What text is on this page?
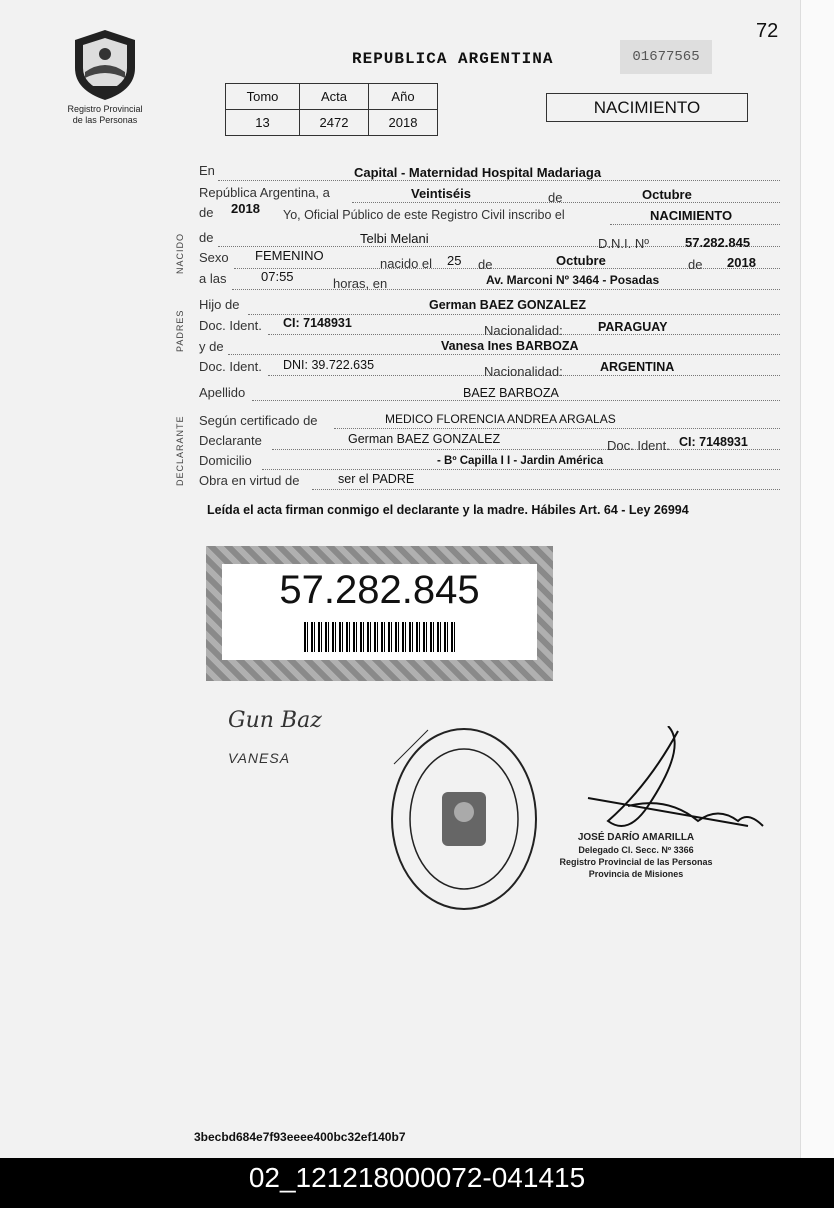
72
Registro Provincial
de las Personas
REPUBLICA ARGENTINA	01677565
Tomo	Acta	Año
13	2472	2018
NACIMIENTO
NACIDO
PADRES
DECLARANTE
En	Capital - Maternidad Hospital Madariaga
República Argentina, a	Veintiséis	de	Octubre
de 2018 Yo, Oficial Público de este Registro Civil inscribo el	NACIMIENTO
de	Telbi Melani	D.N.I. Nº	57.282.845
Sexo FEMENINO
nacido el 25 de	Octubre	de 2018
a las	07:55	horas, en	Av. Marconi Nº 3464 - Posadas
Hijo de	German BAEZ GONZALEZ
Doc. Ident. CI: 7148931	Nacionalidad:	PARAGUAY
y de	Vanesa Ines BARBOZA
Doc. Ident. DNI: 39.722.635	Nacionalidad:	ARGENTINA
Apellido	BAEZ BARBOZA
Según certificado de	MEDICO FLORENCIA ANDREA ARGALAS
Declarante	German BAEZ GONZALEZ	Doc. Ident. CI: 7148931
Domicilio	- Bº Capilla I I - Jardin América
Obra en virtud de	ser el PADRE
Leída el acta firman conmigo el declarante y la madre. Hábiles Art. 64 - Ley 26994
57.282.845
Gun Baz
VANESA
JOSÉ DARÍO AMARILLA
Delegado Cl. Secc. Nº 3366
Registro Provincial de las Personas
Provincia de Misiones
3becbd684e7f93eeee400bc32ef140b7
02_121218000072-041415
